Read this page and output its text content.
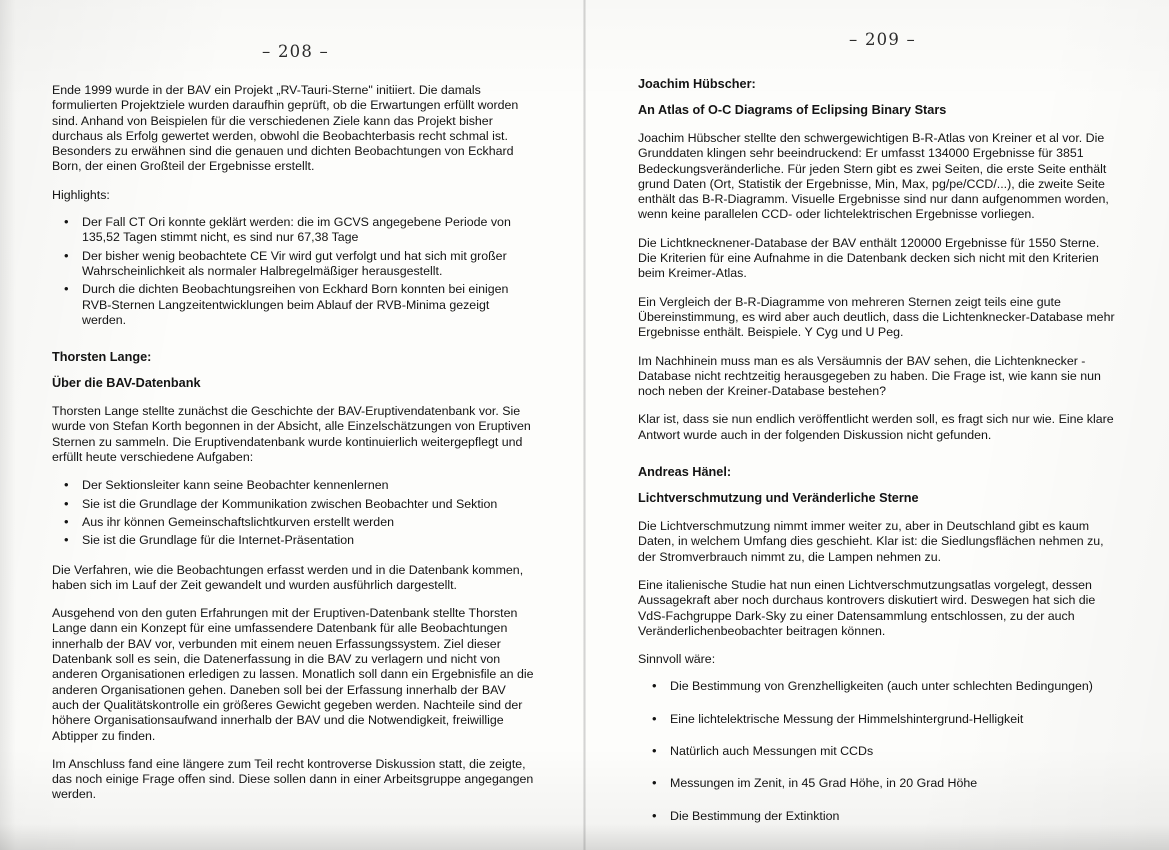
– 208 –

Ende 1999 wurde in der BAV ein Projekt „RV-Tauri-Sterne" initiiert. Die damals formulierten Projektziele wurden daraufhin geprüft, ob die Erwartungen erfüllt worden sind. Anhand von Beispielen für die verschiedenen Ziele kann das Projekt bisher durchaus als Erfolg gewertet werden, obwohl die Beobachterbasis recht schmal ist. Besonders zu erwähnen sind die genauen und dichten Beobachtungen von Eckhard Born, der einen Großteil der Ergebnisse erstellt.

Highlights:

• Der Fall CT Ori konnte geklärt werden: die im GCVS angegebene Periode von 135,52 Tagen stimmt nicht, es sind nur 67,38 Tage
• Der bisher wenig beobachtete CE Vir wird gut verfolgt und hat sich mit großer Wahrscheinlichkeit als normaler Halbregelmäßiger herausgestellt.
• Durch die dichten Beobachtungsreihen von Eckhard Born konnten bei einigen RVB-Sternen Langzeitentwicklungen beim Ablauf der RVB-Minima gezeigt werden.
Thorsten Lange:
Über die BAV-Datenbank

Thorsten Lange stellte zunächst die Geschichte der BAV-Eruptivendatenbank vor. Sie wurde von Stefan Korth begonnen in der Absicht, alle Einzelschätzungen von Eruptiven Sternen zu sammeln. Die Eruptivendatenbank wurde kontinuierlich weitergepflegt und erfüllt heute verschiedene Aufgaben:

• Der Sektionsleiter kann seine Beobachter kennenlernen
• Sie ist die Grundlage der Kommunikation zwischen Beobachter und Sektion
• Aus ihr können Gemeinschaftslichtkurven erstellt werden
• Sie ist die Grundlage für die Internet-Präsentation

Die Verfahren, wie die Beobachtungen erfasst werden und in die Datenbank kommen, haben sich im Lauf der Zeit gewandelt und wurden ausführlich dargestellt.

Ausgehend von den guten Erfahrungen mit der Eruptiven-Datenbank stellte Thorsten Lange dann ein Konzept für eine umfassendere Datenbank für alle Beobachtungen innerhalb der BAV vor, verbunden mit einem neuen Erfassungssystem. Ziel dieser Datenbank soll es sein, die Datenerfassung in die BAV zu verlagern und nicht von anderen Organisationen erledigen zu lassen. Monatlich soll dann ein Ergebnisfile an die anderen Organisationen gehen. Daneben soll bei der Erfassung innerhalb der BAV auch der Qualitätskontrolle ein größeres Gewicht gegeben werden. Nachteile sind der höhere Organisationsaufwand innerhalb der BAV und die Notwendigkeit, freiwillige Abtipper zu finden.

Im Anschluss fand eine längere zum Teil recht kontroverse Diskussion statt, die zeigte, das noch einige Frage offen sind. Diese sollen dann in einer Arbeitsgruppe angegangen werden.

– 209 –
Joachim Hübscher:
An Atlas of O-C Diagrams of Eclipsing Binary Stars

Joachim Hübscher stellte den schwergewichtigen B-R-Atlas von Kreiner et al vor. Die Grunddaten klingen sehr beeindruckend: Er umfasst 134000 Ergebnisse für 3851 Bedeckungsveränderliche. Für jeden Stern gibt es zwei Seiten, die erste Seite enthält grund Daten (Ort, Statistik der Ergebnisse, Min, Max, pg/pe/CCD/...), die zweite Seite enthält das B-R-Diagramm. Visuelle Ergebnisse sind nur dann aufgenommen worden, wenn keine parallelen CCD- oder lichtelektrischen Ergebnisse vorliegen.

Die Lichtknecknener-Database der BAV enthält 120000 Ergebnisse für 1550 Sterne. Die Kriterien für eine Aufnahme in die Datenbank decken sich nicht mit den Kriterien beim Kreimer-Atlas.

Ein Vergleich der B-R-Diagramme von mehreren Sternen zeigt teils eine gute Übereinstimmung, es wird aber auch deutlich, dass die Lichtenknecker-Database mehr Ergebnisse enthält. Beispiele. Y Cyg und U Peg.

Im Nachhinein muss man es als Versäumnis der BAV sehen, die Lichtenknecker - Database nicht rechtzeitig herausgegeben zu haben. Die Frage ist, wie kann sie nun noch neben der Kreiner-Database bestehen?

Klar ist, dass sie nun endlich veröffentlicht werden soll, es fragt sich nur wie. Eine klare Antwort wurde auch in der folgenden Diskussion nicht gefunden.

Andreas Hänel:
Lichtverschmutzung und Veränderliche Sterne

Die Lichtverschmutzung nimmt immer weiter zu, aber in Deutschland gibt es kaum Daten, in welchem Umfang dies geschieht. Klar ist: die Siedlungsflächen nehmen zu, der Stromverbrauch nimmt zu, die Lampen nehmen zu.

Eine italienische Studie hat nun einen Lichtverschmutzungsatlas vorgelegt, dessen Aussagekraft aber noch durchaus kontrovers diskutiert wird. Deswegen hat sich die VdS-Fachgruppe Dark-Sky zu einer Datensammlung entschlossen, zu der auch Veränderlichenbeobachter beitragen können.

Sinnvoll wäre:

• Die Bestimmung von Grenzhelligkeiten (auch unter schlechten Bedingungen)
• Eine lichtelektrische Messung der Himmelshintergrund-Helligkeit
• Natürlich auch Messungen mit CCDs
• Messungen im Zenit, in 45 Grad Höhe, in 20 Grad Höhe
• Die Bestimmung der Extinktion
